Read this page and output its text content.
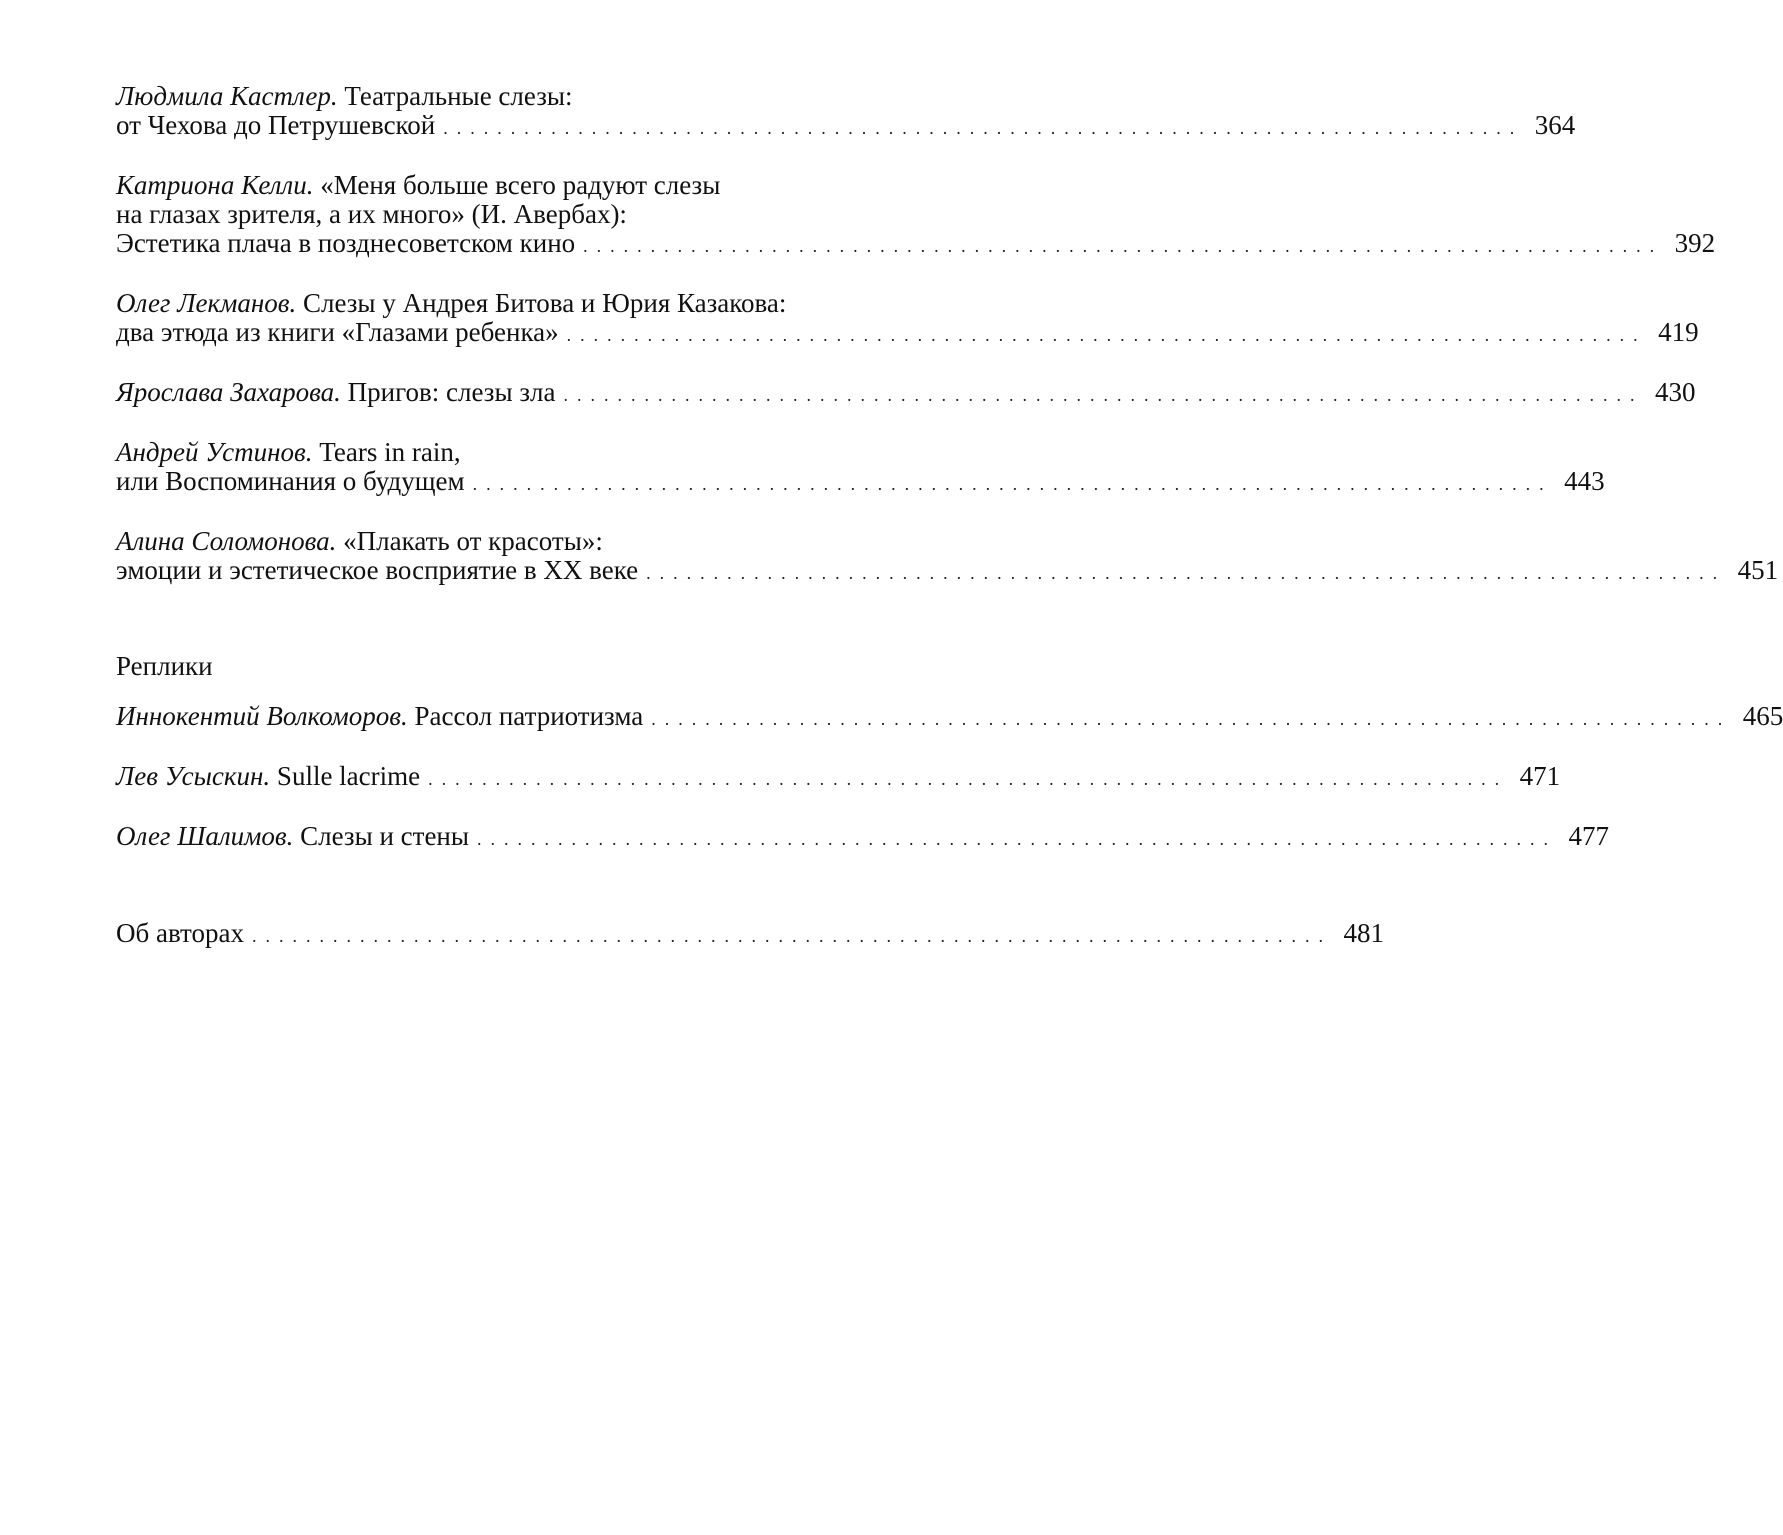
Людмила Кастлер. Театральные слезы:
от Чехова до Петрушевской ................................................................................ 364
Катриона Келли. «Меня больше всего радуют слезы
на глазах зрителя, а их много» (И. Авербах):
Эстетика плача в позднесоветском кино ................................................................................ 392
Олег Лекманов. Слезы у Андрея Битова и Юрия Казакова:
два этюда из книги «Глазами ребенка» ................................................................................ 419
Ярослава Захарова.
Пригов: слезы зла ................................................................................ 430
Андрей Устинов. Tears in rain,
или Воспоминания о будущем ................................................................................ 443
Алина Соломонова. «Плакать от красоты»:
эмоции и эстетическое восприятие в XX веке ................................................................................ 451
Реплики
Иннокентий Волкоморов.
Рассол патриотизма ................................................................................ 465
Лев Усыскин.
Sulle lacrime ................................................................................ 471
Олег Шалимов.
Слезы и стены ................................................................................ 477
Об авторах ................................................................................ 481
